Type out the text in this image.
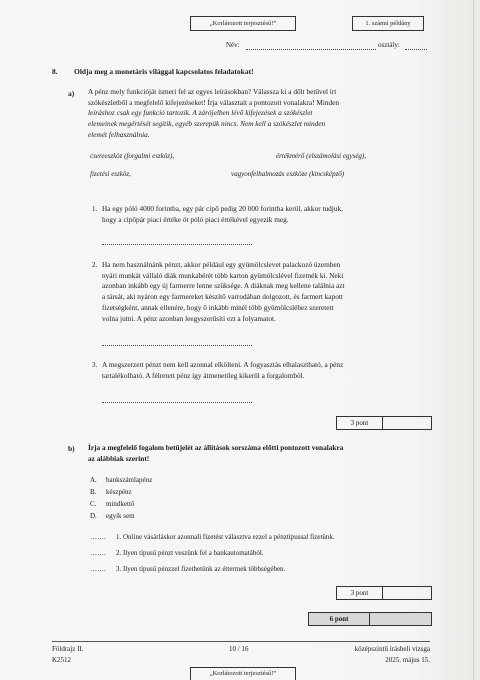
„Korlátozott terjesztésű!”	1. számú példány
Név:	osztály:
8. Oldja meg a monetáris világgal kapcsolatos feladatokat!
a) A pénz mely funkcióját ismeri fel az egyes leírásokban? Válassza ki a dőlt betűvel írt
szókészletből a megfelelő kifejezéseket! Írja választait a pontozott vonalakra! Minden
leíráshoz csak egy funkció tartozik. A zárójelben lévő kifejezések a szókészlet
elemeinek megértését segítik, egyéb szerepük nincs. Nem kell a szókészlet minden
elemét felhasználnia.
csereeszköz (forgalmi eszköz),	értékmérő (elszámolási egység),
fizetési eszköz,	vagyonfelhalmozás eszköze (kincsképző)
1. Ha egy póló 4000 forintba, egy pár cipő pedig 20 000 forintba kerül, akkor tudjuk,
hogy a cipőpár piaci értéke öt póló piaci értékével egyezik meg.
2. Ha nem használnánk pénzt, akkor például egy gyümölcslevet palackozó üzemben
nyári munkát vállaló diák munkabérét több karton gyümölcslével fizetnék ki. Neki
azonban inkább egy új farmerre lenne szüksége. A diáknak meg kellene találnia azt
a társát, aki nyáron egy farmereket készítő varrodában dolgozott, és farmert kapott
fizetségként, annak ellenére, hogy ő inkább minél több gyümölcsléhez szeretett
volna jutni. A pénz azonban leegyszerűsíti ezt a folyamatot.
3. A megszerzett pénzt nem kell azonnal elkölteni. A fogyasztás elhalasztható, a pénz
tartalékolható. A félretett pénz így átmenetileg kikerül a forgalomból.
3 pont
b) Írja a megfelelő fogalom betűjelét az állítások sorszáma előtti pontozott vonalakra
az alábbiak szerint!
A. bankszámlapénz
B. készpénz
C. mindkettő
D. egyik sem
……. 1. Online vásárláskor azonnali fizetést választva ezzel a pénztípussal fizetünk.
……. 2. Ilyen típusú pénzt veszünk fel a bankautomatából.
……. 3. Ilyen típusú pénzzel fizethetünk az éttermek többségében.
3 pont
6 pont
Földrajz II.
K2512
10 / 16	középszintű írásbeli vizsga
2025. május 15.
„Korlátozott terjesztésű!”
